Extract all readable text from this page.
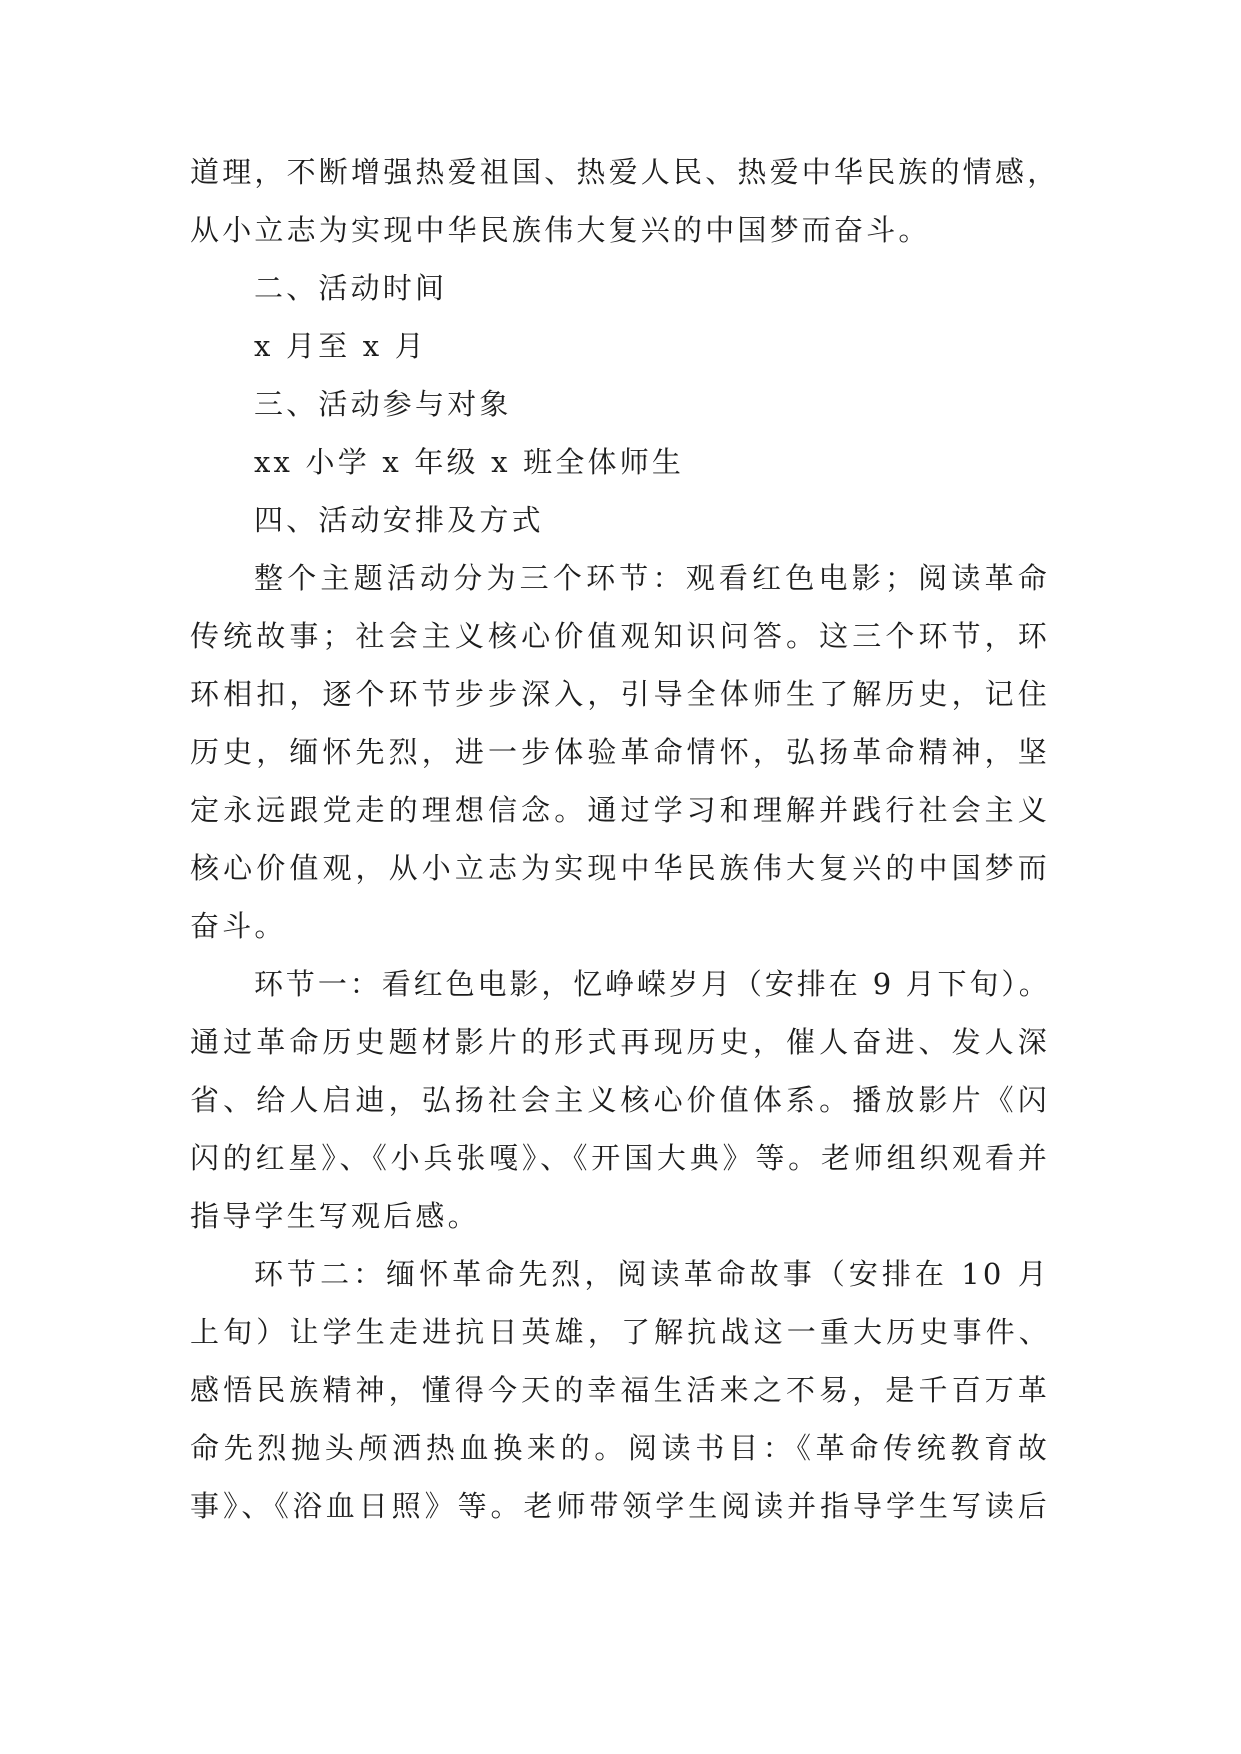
道理，不断增强热爱祖国、热爱人民、热爱中华民族的情感，
从小立志为实现中华民族伟大复兴的中国梦而奋斗。
二、活动时间
x 月至 x 月
三、活动参与对象
xx 小学 x 年级 x 班全体师生
四、活动安排及方式
整个主题活动分为三个环节：观看红色电影；阅读革命
传统故事；社会主义核心价值观知识问答。这三个环节，环
环相扣，逐个环节步步深入，引导全体师生了解历史，记住
历史，缅怀先烈，进一步体验革命情怀，弘扬革命精神，坚
定永远跟党走的理想信念。通过学习和理解并践行社会主义
核心价值观，从小立志为实现中华民族伟大复兴的中国梦而
奋斗。
环节一：看红色电影，忆峥嵘岁月（安排在 9 月下旬）。
通过革命历史题材影片的形式再现历史，催人奋进、发人深
省、给人启迪，弘扬社会主义核心价值体系。播放影片《闪
闪的红星》、《小兵张嘎》、《开国大典》等。老师组织观看并
指导学生写观后感。
环节二：缅怀革命先烈，阅读革命故事（安排在 10 月
上旬）让学生走进抗日英雄，了解抗战这一重大历史事件、
感悟民族精神，懂得今天的幸福生活来之不易，是千百万革
命先烈抛头颅洒热血换来的。阅读书目：《革命传统教育故
事》、《浴血日照》等。老师带领学生阅读并指导学生写读后
